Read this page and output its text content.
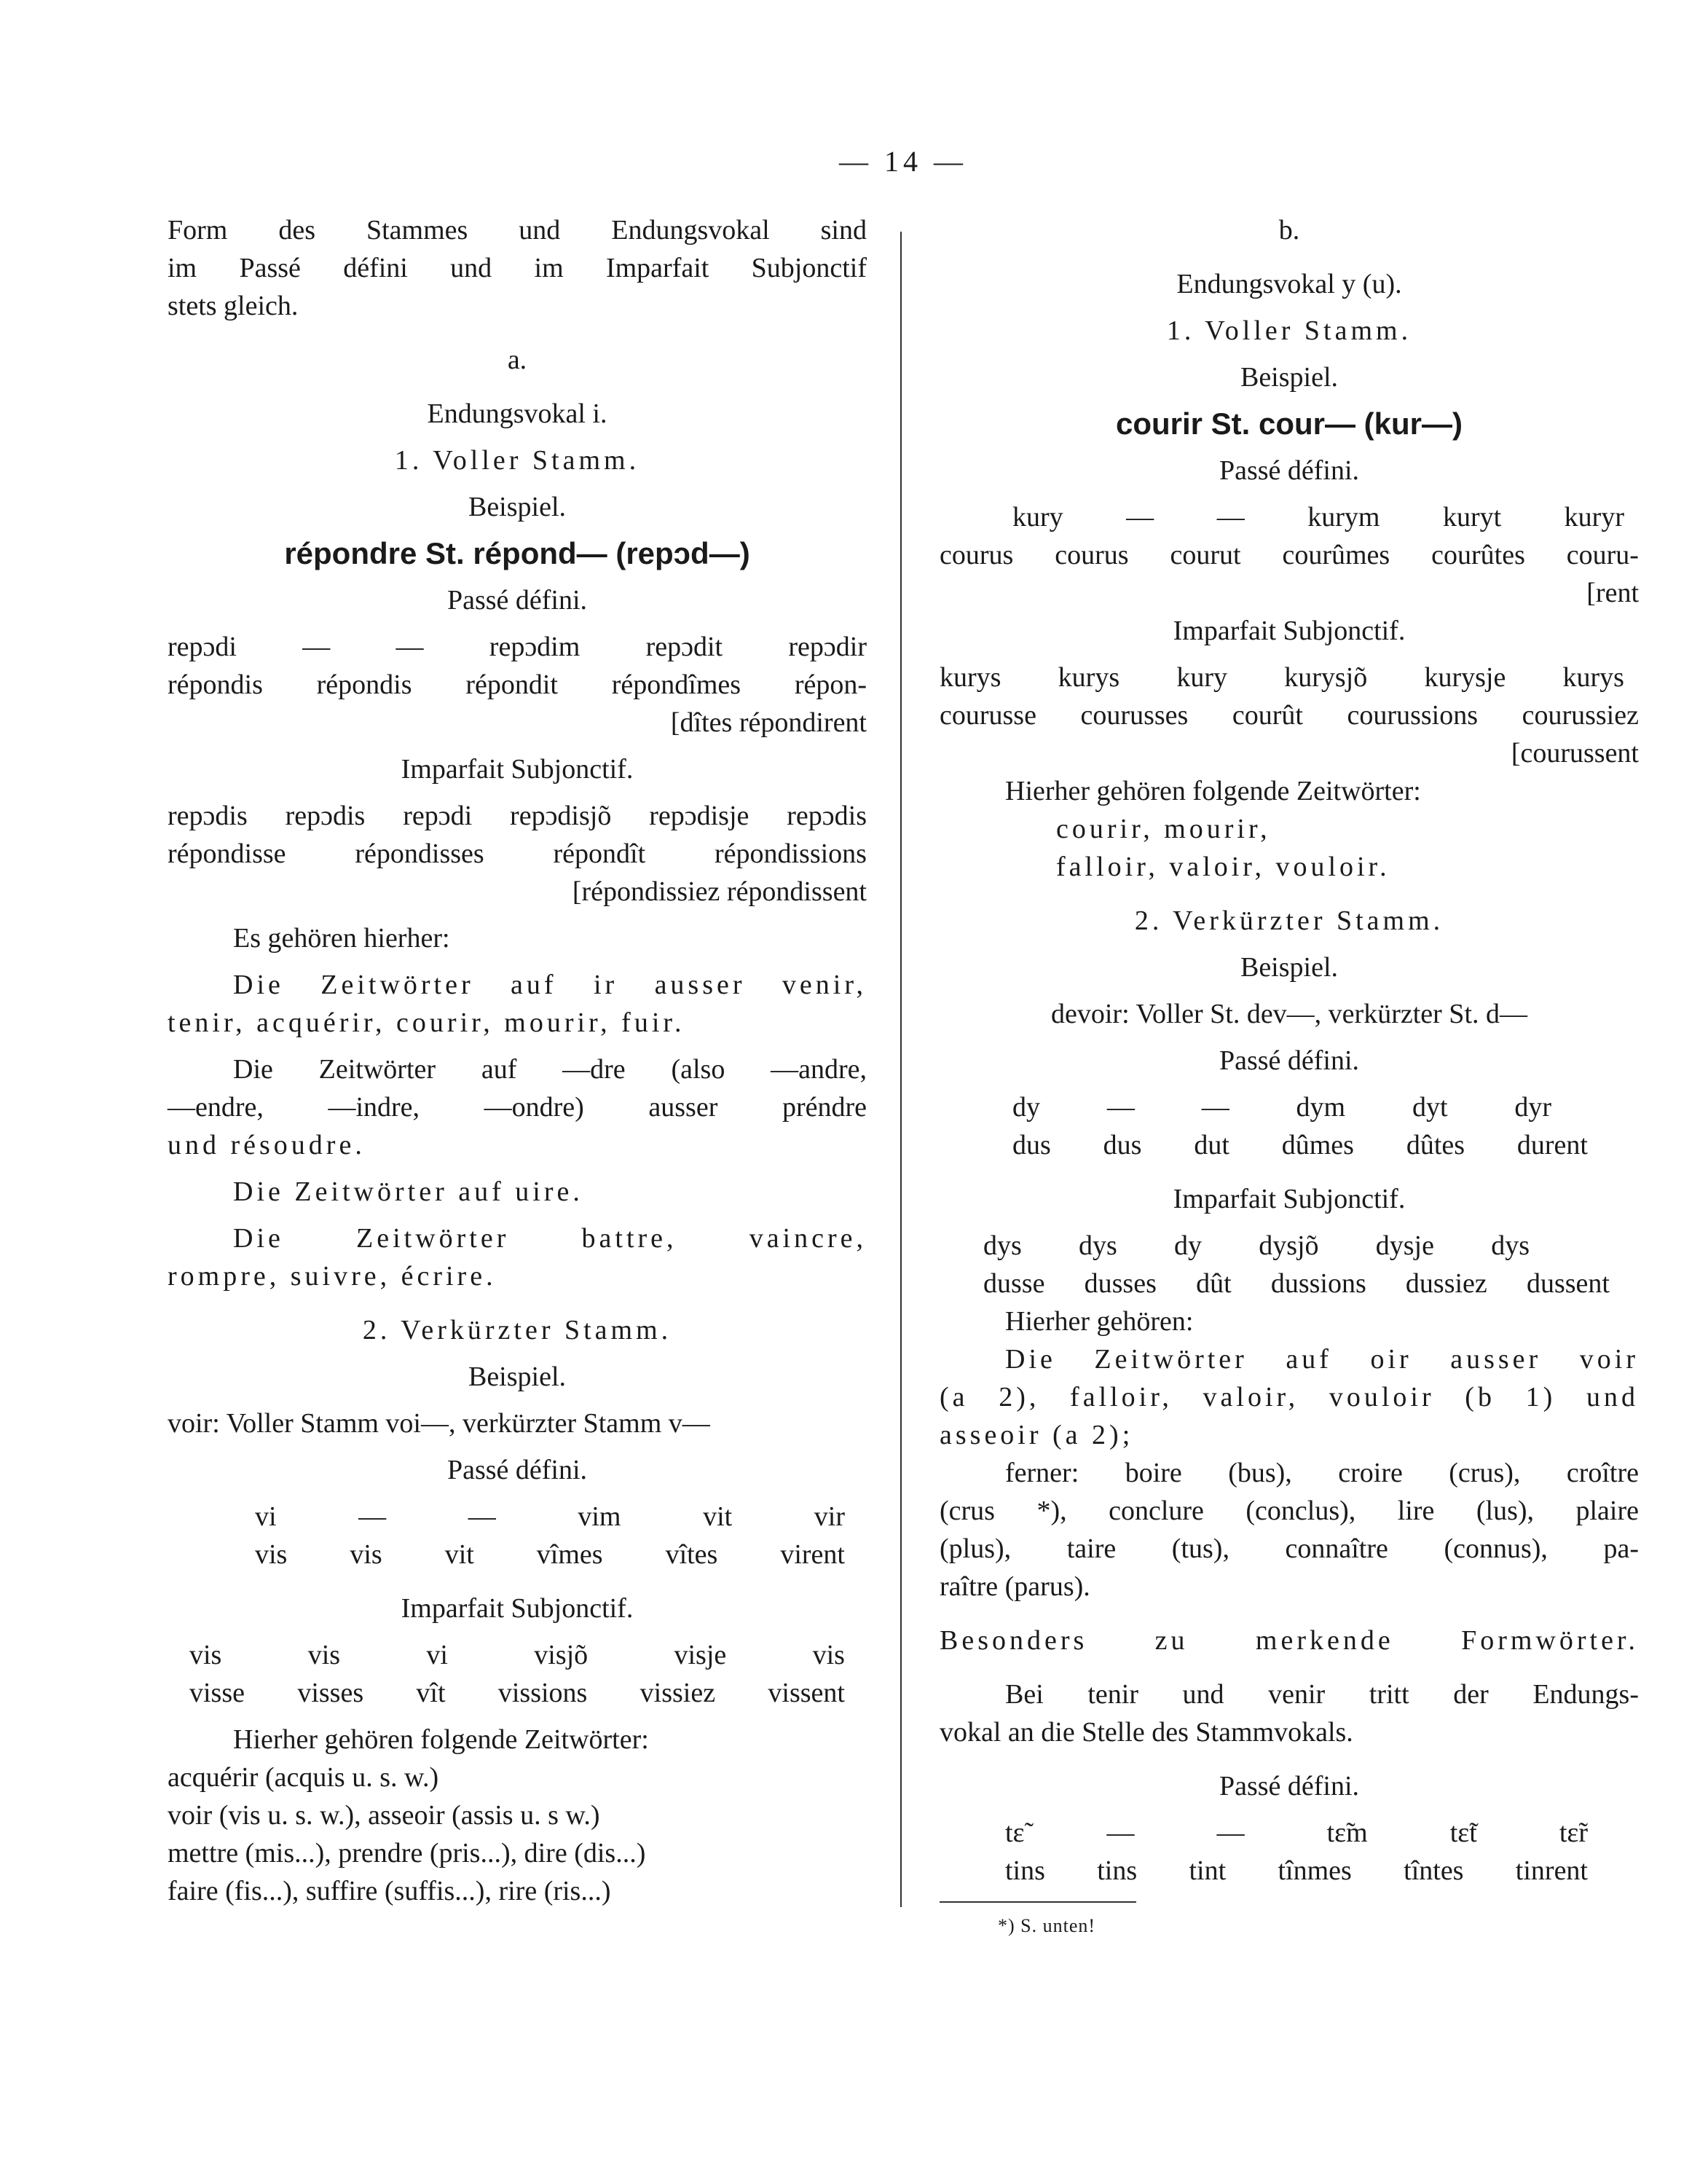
— 14 —

Form des Stammes und Endungsvokal sind

im Passé défini und im Imparfait Subjonctif

stets gleich.

a.

Endungsvokal i.

1. Voller Stamm.

Beispiel.

répondre St. répond— (repɔd—)

Passé défini.

repɔdi — — repɔdim repɔdit repɔdir
répondis répondis répondit répondîmes répon-

[dîtes répondirent

Imparfait Subjonctif.

repɔdis repɔdis repɔdi repɔdisjõ repɔdisje repɔdis
répondisse répondisses répondît répondissions

[répondissiez répondissent

Es gehören hierher:

Die Zeitwörter auf ir ausser venir,

tenir, acquérir, courir, mourir, fuir.

Die Zeitwörter auf —dre (also —andre,

—endre, —indre, —ondre) ausser préndre

und résoudre.

Die Zeitwörter auf uire.

Die Zeitwörter battre, vaincre,

rompre, suivre, écrire.

2. Verkürzter Stamm.

Beispiel.

voir: Voller Stamm voi—, verkürzter Stamm v—

Passé défini.

vi	—	—	vim	vit	vir
vis vis vit vîmes vîtes virent

Imparfait Subjonctif.

vis	vis	vi	visjõ	visje	vis
visse visses vît vissions vissiez vissent

Hierher gehören folgende Zeitwörter:

acquérir (acquis u. s. w.)

voir (vis u. s. w.), asseoir (assis u. s w.)

mettre (mis...), prendre (pris...), dire (dis...)

faire (fis...), suffire (suffis...), rire (ris...)

b.

Endungsvokal y (u).

1. Voller Stamm.

Beispiel.

courir St. cour— (kur—)

Passé défini.

kury — — kurym kuryt kuryr
courus courus courut courûmes courûtes couru-

[rent

Imparfait Subjonctif.

kurys kurys kury kurysjõ kurysje kurys
courusse courusses courût courussions courussiez

[courussent

Hierher gehören folgende Zeitwörter:

courir, mourir,

falloir, valoir, vouloir.

2. Verkürzter Stamm.

Beispiel.

devoir: Voller St. dev—, verkürzter St. d—

Passé défini.

dy — — dym dyt dyr
dus dus dut dûmes dûtes durent

Imparfait Subjonctif.

dys dys dy dysjõ dysje dys
dusse dusses dût dussions dussiez dussent

Hierher gehören:

Die Zeitwörter auf oir ausser voir

(a 2), falloir, valoir, vouloir (b 1) und

asseoir (a 2);

ferner: boire (bus), croire (crus), croître

(crus *), conclure (conclus), lire (lus), plaire

(plus), taire (tus), connaître (connus), pa-

raître (parus).

Besonders zu merkende Formwörter.

Bei tenir und venir tritt der Endungs-

vokal an die Stelle des Stammvokals.

Passé défini.

tɛ̃	—	—	tɛ̃m	tɛ̃t	tɛ̃r
tins tins tint tînmes tîntes tinrent

*) S. unten!
